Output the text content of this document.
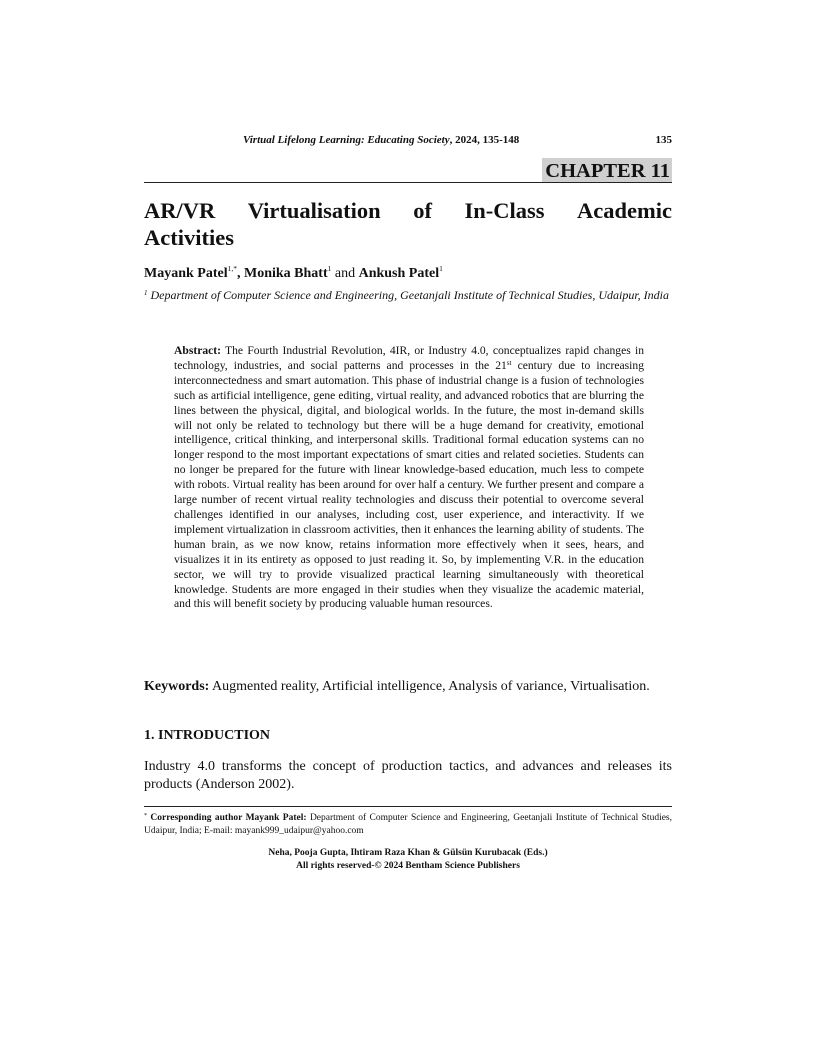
Virtual Lifelong Learning: Educating Society, 2024, 135-148	135
CHAPTER 11
AR/VR Virtualisation of In-Class Academic
Activities
Mayank Patel$^{1,*}$, Monika Bhatt$^1$ and Ankush Patel$^1$
$^1$ Department of Computer Science and Engineering, Geetanjali Institute of Technical Studies, Udaipur, India
Abstract: The Fourth Industrial Revolution, 4IR, or Industry 4.0, conceptualizes rapid changes in technology, industries, and social patterns and processes in the 21st century due to increasing interconnectedness and smart automation. This phase of industrial change is a fusion of technologies such as artificial intelligence, gene editing, virtual reality, and advanced robotics that are blurring the lines between the physical, digital, and biological worlds. In the future, the most in-demand skills will not only be related to technology but there will be a huge demand for creativity, emotional intelligence, critical thinking, and interpersonal skills. Traditional formal education systems can no longer respond to the most important expectations of smart cities and related societies. Students can no longer be prepared for the future with linear knowledge-based education, much less to compete with robots. Virtual reality has been around for over half a century. We further present and compare a large number of recent virtual reality technologies and discuss their potential to overcome several challenges identified in our analyses, including cost, user experience, and interactivity. If we implement virtualization in classroom activities, then it enhances the learning ability of students. The human brain, as we now know, retains information more effectively when it sees, hears, and visualizes it in its entirety as opposed to just reading it. So, by implementing V.R. in the education sector, we will try to provide visualized practical learning simultaneously with theoretical knowledge. Students are more engaged in their studies when they visualize the academic material, and this will benefit society by producing valuable human resources.
Keywords: Augmented reality, Artificial intelligence, Analysis of variance, Virtualisation.
1. INTRODUCTION
Industry 4.0 transforms the concept of production tactics, and advances and releases its products (Anderson 2002).
* Corresponding author Mayank Patel: Department of Computer Science and Engineering, Geetanjali Institute of Technical Studies, Udaipur, India; E-mail: mayank999_udaipur@yahoo.com
Neha, Pooja Gupta, Ihtiram Raza Khan & Gülsün Kurubacak (Eds.)
All rights reserved-© 2024 Bentham Science Publishers
